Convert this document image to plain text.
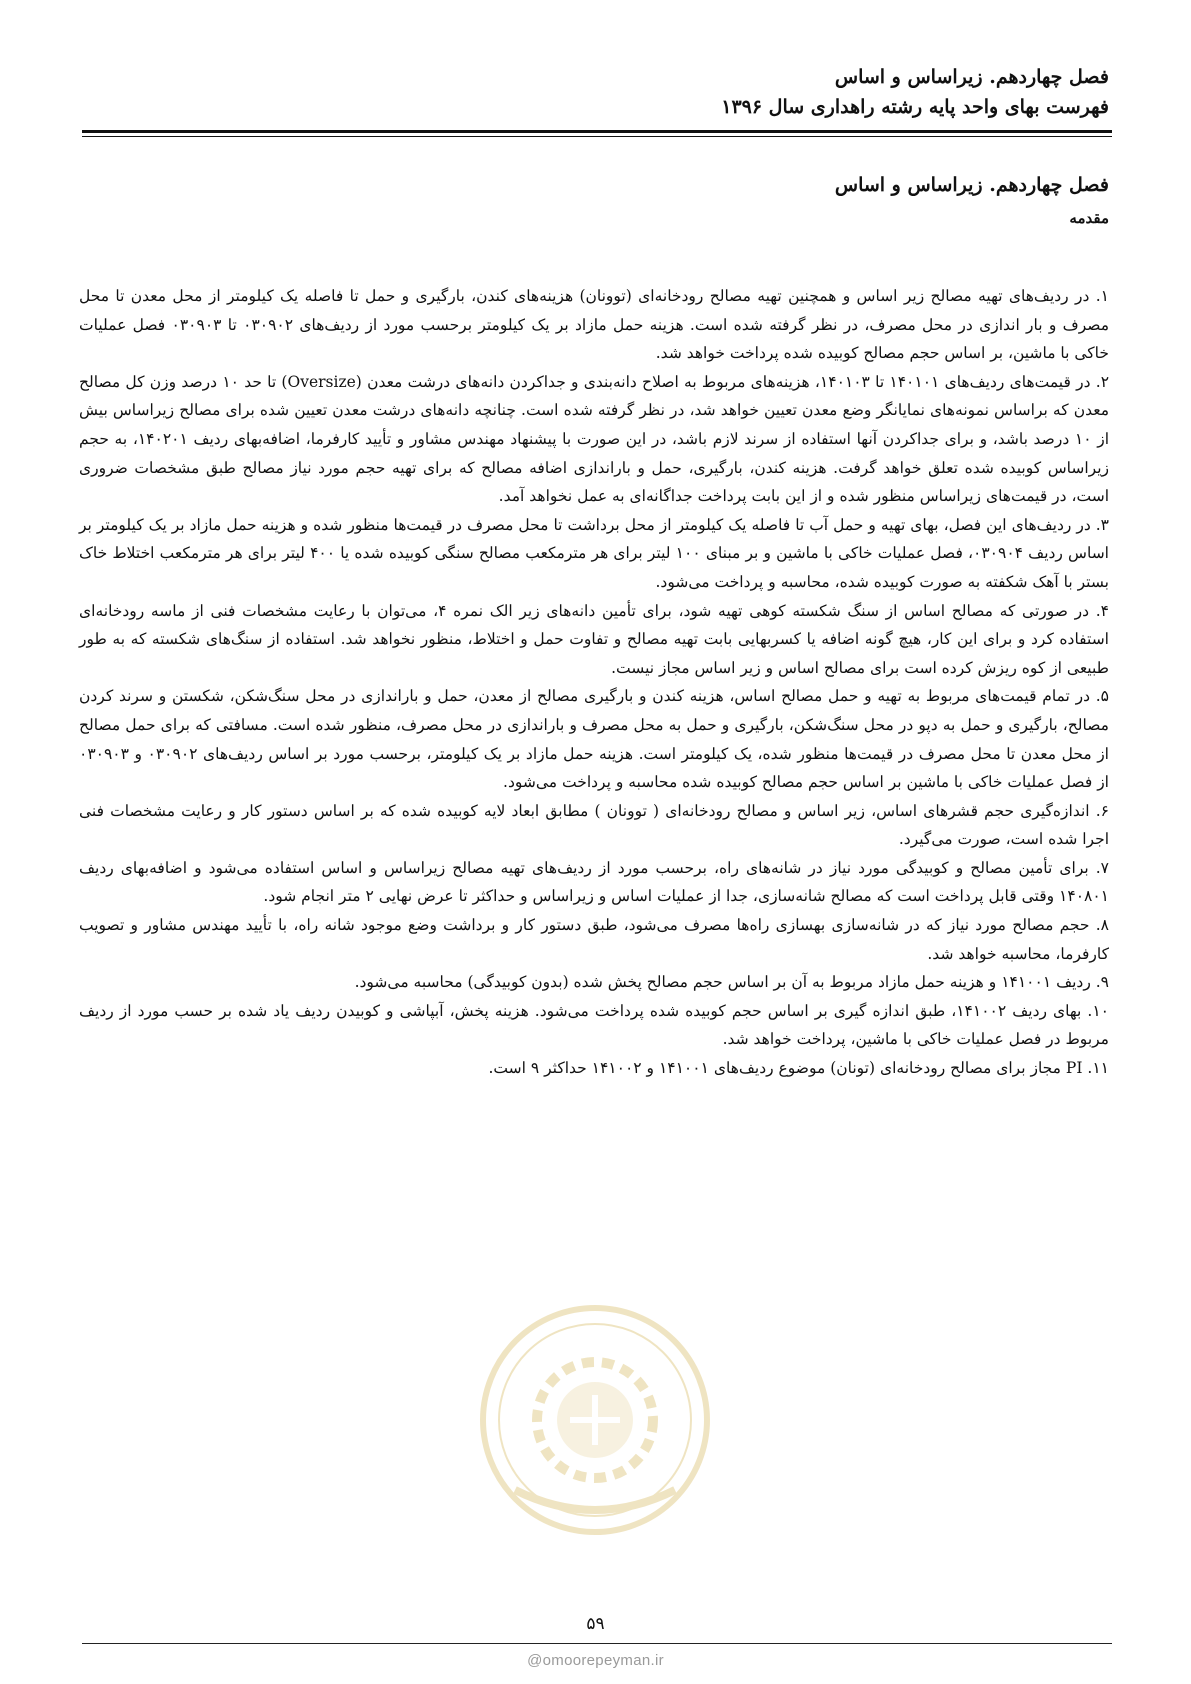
فصل چهاردهم. زیراساس و اساس
فهرست بهای واحد پایه رشته راهداری سال ۱۳۹۶
فصل چهاردهم. زیراساس و اساس
مقدمه

۱. در ردیف‌های تهیه مصالح زیر اساس و همچنین تهیه مصالح رودخانه‌ای (توونان) هزینه‌های کندن، بارگیری و حمل تا فاصله یک کیلومتر از محل معدن تا محل مصرف و بار اندازی در محل مصرف، در نظر گرفته شده است. هزینه حمل مازاد بر یک کیلومتر برحسب مورد از ردیف‌های ۰۳۰۹۰۲ تا ۰۳۰۹۰۳ فصل عملیات خاکی با ماشین، بر اساس حجم مصالح کوبیده شده پرداخت خواهد شد.

۲. در قیمت‌های ردیف‌های ۱۴۰۱۰۱ تا ۱۴۰۱۰۳، هزینه‌های مربوط به اصلاح دانه‌بندی و جداکردن دانه‌های درشت معدن (Oversize) تا حد ۱۰ درصد وزن کل مصالح معدن که براساس نمونه‌های نمایانگر وضع معدن تعیین خواهد شد، در نظر گرفته شده است. چنانچه دانه‌های درشت معدن تعیین شده برای مصالح زیراساس بیش از ۱۰ درصد باشد، و برای جداکردن آنها استفاده از سرند لازم باشد، در این صورت با پیشنهاد مهندس مشاور و تأیید کارفرما، اضافه‌بهای ردیف ۱۴۰۲۰۱، به حجم زیراساس کوبیده شده تعلق خواهد گرفت. هزینه کندن، بارگیری، حمل و باراندازی اضافه مصالح که برای تهیه حجم مورد نیاز مصالح طبق مشخصات ضروری است، در قیمت‌های زیراساس منظور شده و از این بابت پرداخت جداگانه‌ای به عمل نخواهد آمد.

۳. در ردیف‌های این فصل، بهای تهیه و حمل آب تا فاصله یک کیلومتر از محل برداشت تا محل مصرف در قیمت‌ها منظور شده و هزینه حمل مازاد بر یک کیلومتر بر اساس ردیف ۰۳۰۹۰۴، فصل عملیات خاکی با ماشین و بر مبنای ۱۰۰ لیتر برای هر مترمکعب مصالح سنگی کوبیده شده یا ۴۰۰ لیتر برای هر مترمکعب اختلاط خاک بستر با آهک شکفته به صورت کوبیده شده، محاسبه و پرداخت می‌شود.

۴. در صورتی که مصالح اساس از سنگ شکسته کوهی تهیه شود، برای تأمین دانه‌های زیر الک نمره ۴، می‌توان با رعایت مشخصات فنی از ماسه رودخانه‌ای استفاده کرد و برای این کار، هیچ گونه اضافه یا کسربهایی بابت تهیه مصالح و تفاوت حمل و اختلاط، منظور نخواهد شد. استفاده از سنگ‌های شکسته که به طور طبیعی از کوه ریزش کرده است برای مصالح اساس و زیر اساس مجاز نیست.

۵. در تمام قیمت‌های مربوط به تهیه و حمل مصالح اساس، هزینه کندن و بارگیری مصالح از معدن، حمل و باراندازی در محل سنگ‌شکن، شکستن و سرند کردن مصالح، بارگیری و حمل به دپو در محل سنگ‌شکن، بارگیری و حمل به محل مصرف و باراندازی در محل مصرف، منظور شده است. مسافتی که برای حمل مصالح از محل معدن تا محل مصرف در قیمت‌ها منظور شده، یک کیلومتر است. هزینه حمل مازاد بر یک کیلومتر، برحسب مورد بر اساس ردیف‌های ۰۳۰۹۰۲ و ۰۳۰۹۰۳ از فصل عملیات خاکی با ماشین بر اساس حجم مصالح کوبیده شده محاسبه و پرداخت می‌شود.

۶. اندازه‌گیری حجم قشرهای اساس، زیر اساس و مصالح رودخانه‌ای ( توونان ) مطابق ابعاد لایه کوبیده شده که بر اساس دستور کار و رعایت مشخصات فنی اجرا شده است، صورت می‌گیرد.

۷. برای تأمین مصالح و کوبیدگی مورد نیاز در شانه‌های راه، برحسب مورد از ردیف‌های تهیه مصالح زیراساس و اساس استفاده می‌شود و اضافه‌بهای ردیف ۱۴۰۸۰۱ وقتی قابل پرداخت است که مصالح شانه‌سازی، جدا از عملیات اساس و زیراساس و حداکثر تا عرض نهایی ۲ متر انجام شود.

۸. حجم مصالح مورد نیاز که در شانه‌سازی بهسازی راه‌ها مصرف می‌شود، طبق دستور کار و برداشت وضع موجود شانه راه، با تأیید مهندس مشاور و تصویب کارفرما، محاسبه خواهد شد.

۹. ردیف ۱۴۱۰۰۱ و هزینه حمل مازاد مربوط به آن بر اساس حجم مصالح پخش شده (بدون کوبیدگی) محاسبه می‌شود.

۱۰. بهای ردیف ۱۴۱۰۰۲، طبق اندازه گیری بر اساس حجم کوبیده شده پرداخت می‌شود. هزینه پخش، آبپاشی و کوبیدن ردیف یاد شده بر حسب مورد از ردیف مربوط در فصل عملیات خاکی با ماشین، پرداخت خواهد شد.

۱۱. PI مجاز برای مصالح رودخانه‌ای (تونان) موضوع ردیف‌های ۱۴۱۰۰۱ و ۱۴۱۰۰۲ حداکثر ۹ است.

۵۹
@omoorepeyman.ir
